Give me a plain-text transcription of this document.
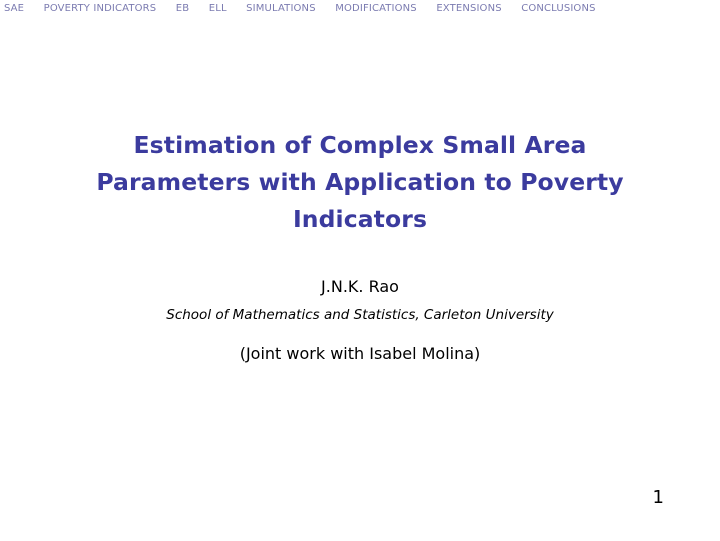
SAE POVERTY INDICATORS EB ELL SIMULATIONS MODIFICATIONS EXTENSIONS CONCLUSIONS
Estimation of Complex Small Area
Parameters with Application to Poverty
Indicators
J.N.K. Rao
School of Mathematics and Statistics, Carleton University
(Joint work with Isabel Molina)
1
